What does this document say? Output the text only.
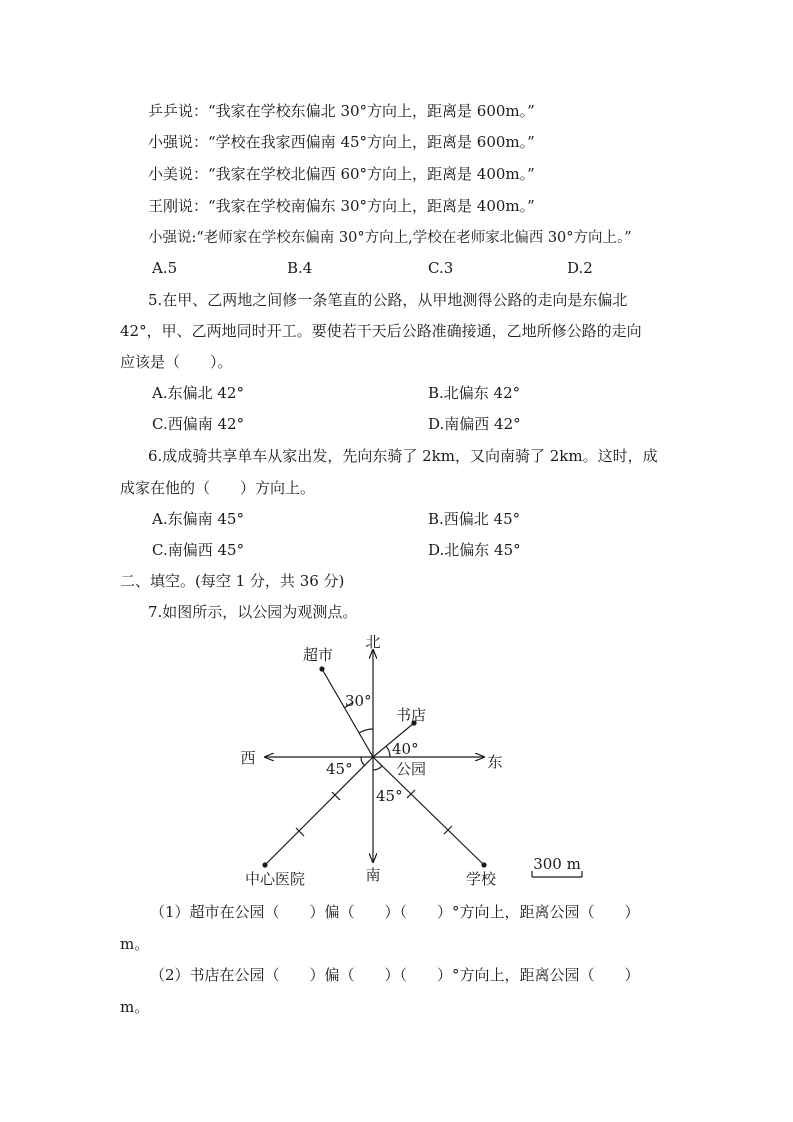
乒乒说：“我家在学校东偏北 30°方向上，距离是 600m。”
小强说：“学校在我家西偏南 45°方向上，距离是 600m。”
小美说：“我家在学校北偏西 60°方向上，距离是 400m。”
王刚说：“我家在学校南偏东 30°方向上，距离是 400m。”
小强说:“老师家在学校东偏南 30°方向上,学校在老师家北偏西 30°方向上。”
A.5	B.4	C.3	D.2
5.在甲、乙两地之间修一条笔直的公路，从甲地测得公路的走向是东偏北
42°，甲、乙两地同时开工。要使若干天后公路准确接通，乙地所修公路的走向
应该是（　　）。
A.东偏北 42°	B.北偏东 42°
C.西偏南 42°	D.南偏西 42°
6.成成骑共享单车从家出发，先向东骑了 2km，又向南骑了 2km。这时，成
成家在他的（　　）方向上。
A.东偏南 45°	B.西偏北 45°
C.南偏西 45°	D.北偏东 45°
二、填空。(每空 1 分，共 36 分)
7.如图所示，以公园为观测点。
北
南
东
西
超市
书店
公园
中心医院	学校
30°
40°
45°
45°
300 m
（1）超市在公园（　　）偏（　　）（　　）°方向上，距离公园（　　）
m。
（2）书店在公园（　　）偏（　　）（　　）°方向上，距离公园（　　）
m。
